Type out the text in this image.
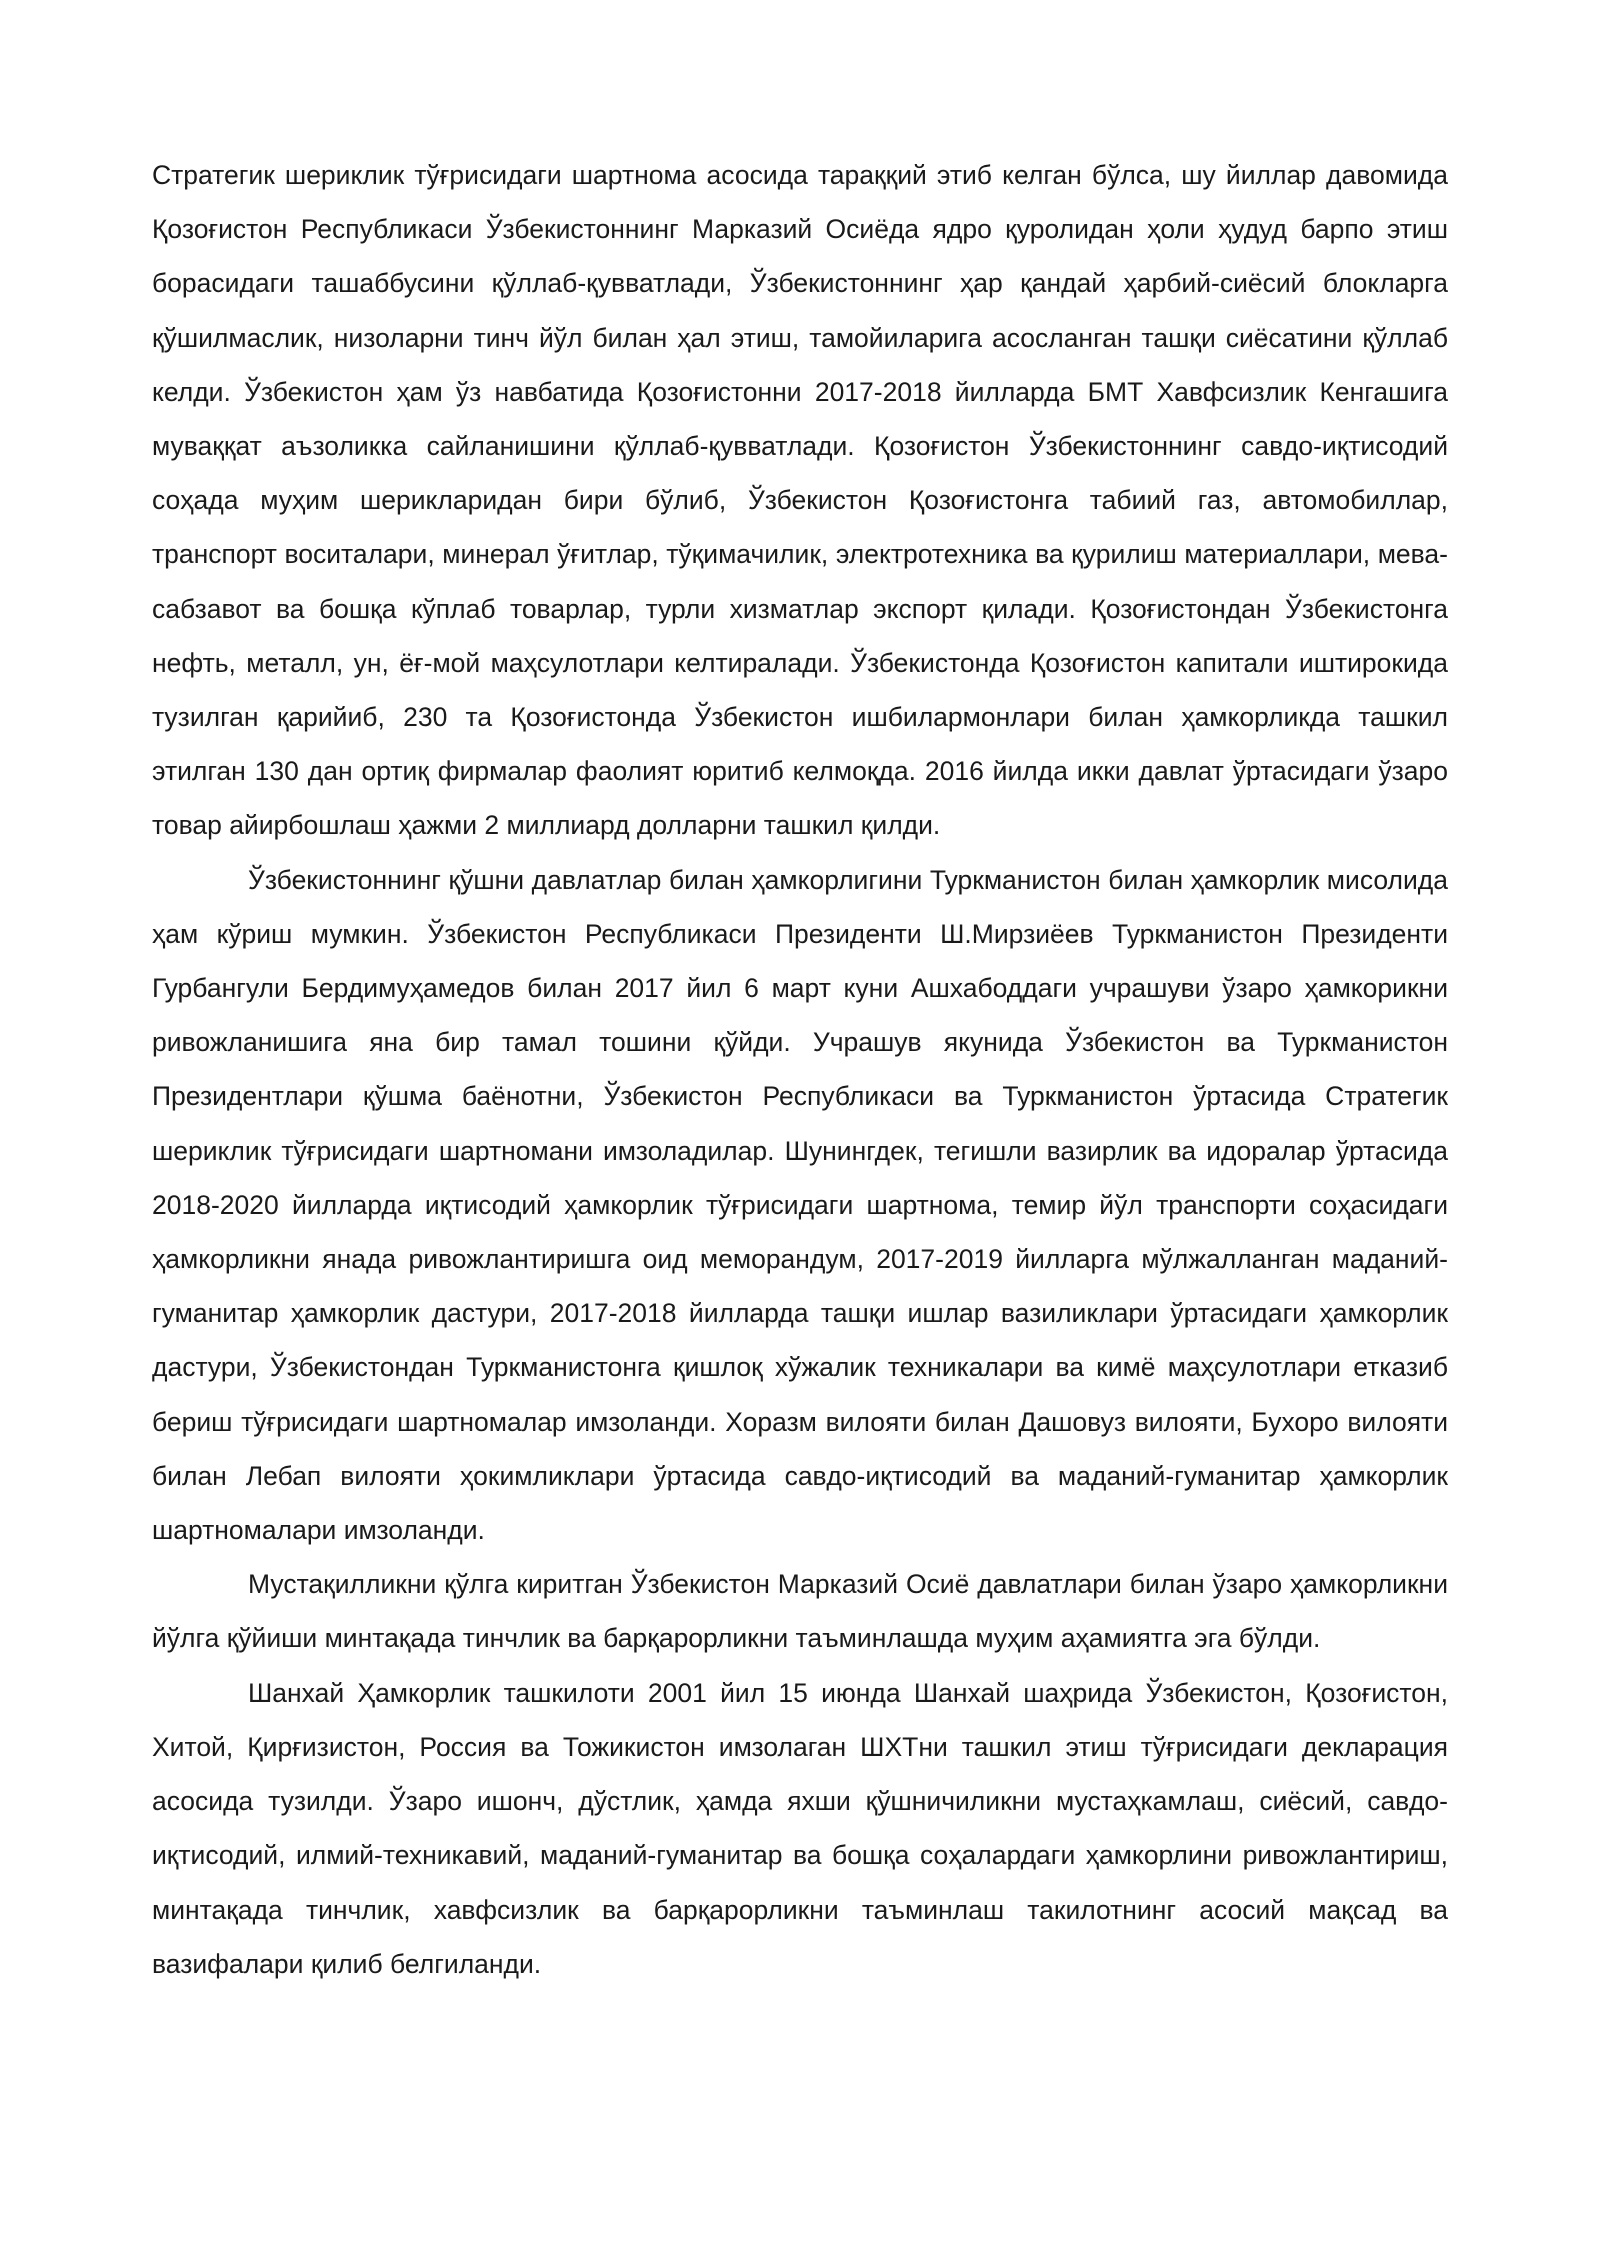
Стратегик шериклик тўғрисидаги шартнома асосида тараққий этиб келган бўлса, шу йиллар давомида Қозоғистон Республикаси Ўзбекистоннинг Марказий Осиёда ядро қуролидан ҳоли ҳудуд барпо этиш борасидаги ташаббусини қўллаб-қувватлади, Ўзбекистоннинг ҳар қандай ҳарбий-сиёсий блокларга қўшилмаслик, низоларни тинч йўл билан ҳал этиш, тамойиларига асосланган ташқи сиёсатини қўллаб келди. Ўзбекистон ҳам ўз навбатида Қозоғистонни 2017-2018 йилларда БМТ Хавфсизлик Кенгашига муваққат аъзоликка сайланишини қўллаб-қувватлади. Қозоғистон Ўзбекистоннинг савдо-иқтисодий соҳада муҳим шерикларидан бири бўлиб, Ўзбекистон Қозоғистонга табиий газ, автомобиллар, транспорт воситалари, минерал ўғитлар, тўқимачилик, электротехника ва қурилиш материаллари, мева-сабзавот ва бошқа кўплаб товарлар, турли хизматлар экспорт қилади. Қозоғистондан Ўзбекистонга нефть, металл, ун, ёғ-мой маҳсулотлари келтиралади. Ўзбекистонда Қозоғистон капитали иштирокида тузилган қарийиб, 230 та Қозоғистонда Ўзбекистон ишбилармонлари билан ҳамкорликда ташкил этилган 130 дан ортиқ фирмалар фаолият юритиб келмоқда. 2016 йилда икки давлат ўртасидаги ўзаро товар айирбошлаш ҳажми 2 миллиард долларни ташкил қилди.

Ўзбекистоннинг қўшни давлатлар билан ҳамкорлигини Туркманистон билан ҳамкорлик мисолида ҳам кўриш мумкин. Ўзбекистон Республикаси Президенти Ш.Мирзиёев Туркманистон Президенти Гурбангули Бердимуҳамедов билан 2017 йил 6 март куни Ашхабоддаги учрашуви ўзаро ҳамкорикни ривожланишига яна бир тамал тошини қўйди. Учрашув якунида Ўзбекистон ва Туркманистон Президентлари қўшма баёнотни, Ўзбекистон Республикаси ва Туркманистон ўртасида Стратегик шериклик тўғрисидаги шартномани имзоладилар. Шунингдек, тегишли вазирлик ва идоралар ўртасида 2018-2020 йилларда иқтисодий ҳамкорлик тўғрисидаги шартнома, темир йўл транспорти соҳасидаги ҳамкорликни янада ривожлантиришга оид меморандум, 2017-2019 йилларга мўлжалланган маданий-гуманитар ҳамкорлик дастури, 2017-2018 йилларда ташқи ишлар вазиликлари ўртасидаги ҳамкорлик дастури, Ўзбекистондан Туркманистонга қишлоқ хўжалик техникалари ва кимё маҳсулотлари етказиб бериш тўғрисидаги шартномалар имзоланди. Хоразм вилояти билан Дашовуз вилояти, Бухоро вилояти билан Лебап вилояти ҳокимликлари ўртасида савдо-иқтисодий ва маданий-гуманитар ҳамкорлик шартномалари имзоланди.

Мустақилликни қўлга киритган Ўзбекистон Марказий Осиё давлатлари билан ўзаро ҳамкорликни йўлга қўйиши минтақада тинчлик ва барқарорликни таъминлашда муҳим аҳамиятга эга бўлди.

Шанхай Ҳамкорлик ташкилоти 2001 йил 15 июнда Шанхай шаҳрида Ўзбекистон, Қозоғистон, Хитой, Қирғизистон, Россия ва Тожикистон имзолаган ШХТни ташкил этиш тўғрисидаги декларация асосида тузилди. Ўзаро ишонч, дўстлик, ҳамда яхши қўшничиликни мустаҳкамлаш, сиёсий, савдо-иқтисодий, илмий-техникавий, маданий-гуманитар ва бошқа соҳалардаги ҳамкорлини ривожлантириш, минтақада тинчлик, хавфсизлик ва барқарорликни таъминлаш такилотнинг асосий мақсад ва вазифалари қилиб белгиланди.
